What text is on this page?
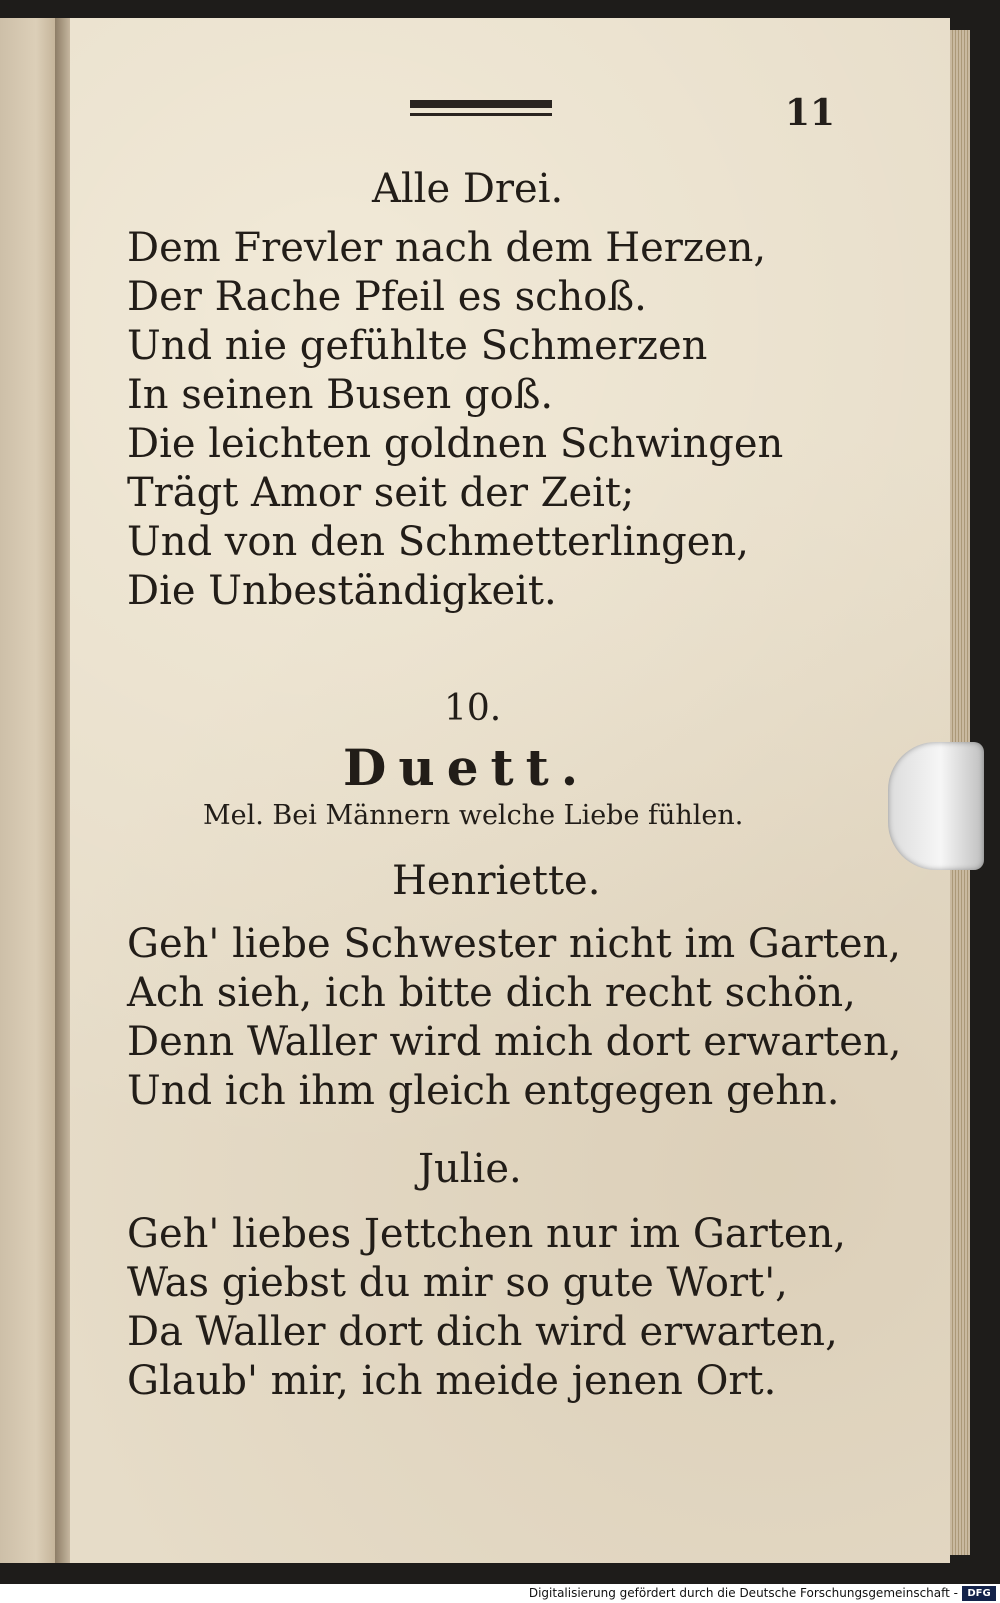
11
Alle Drei.
Dem Frevler nach dem Herzen,
Der Rache Pfeil es schoß.
Und nie gefühlte Schmerzen
In seinen Busen goß.
Die leichten goldnen Schwingen
Trägt Amor seit der Zeit;
Und von den Schmetterlingen,
Die Unbeständigkeit.
10.
Duett.
Mel. Bei Männern welche Liebe fühlen.
Henriette.
Geh' liebe Schwester nicht im Garten,
Ach sieh, ich bitte dich recht schön,
Denn Waller wird mich dort erwarten,
Und ich ihm gleich entgegen gehn.
Julie.
Geh' liebes Jettchen nur im Garten,
Was giebst du mir so gute Wort',
Da Waller dort dich wird erwarten,
Glaub' mir, ich meide jenen Ort.
Digitalisierung gefördert durch die Deutsche Forschungsgemeinschaft - DFG
